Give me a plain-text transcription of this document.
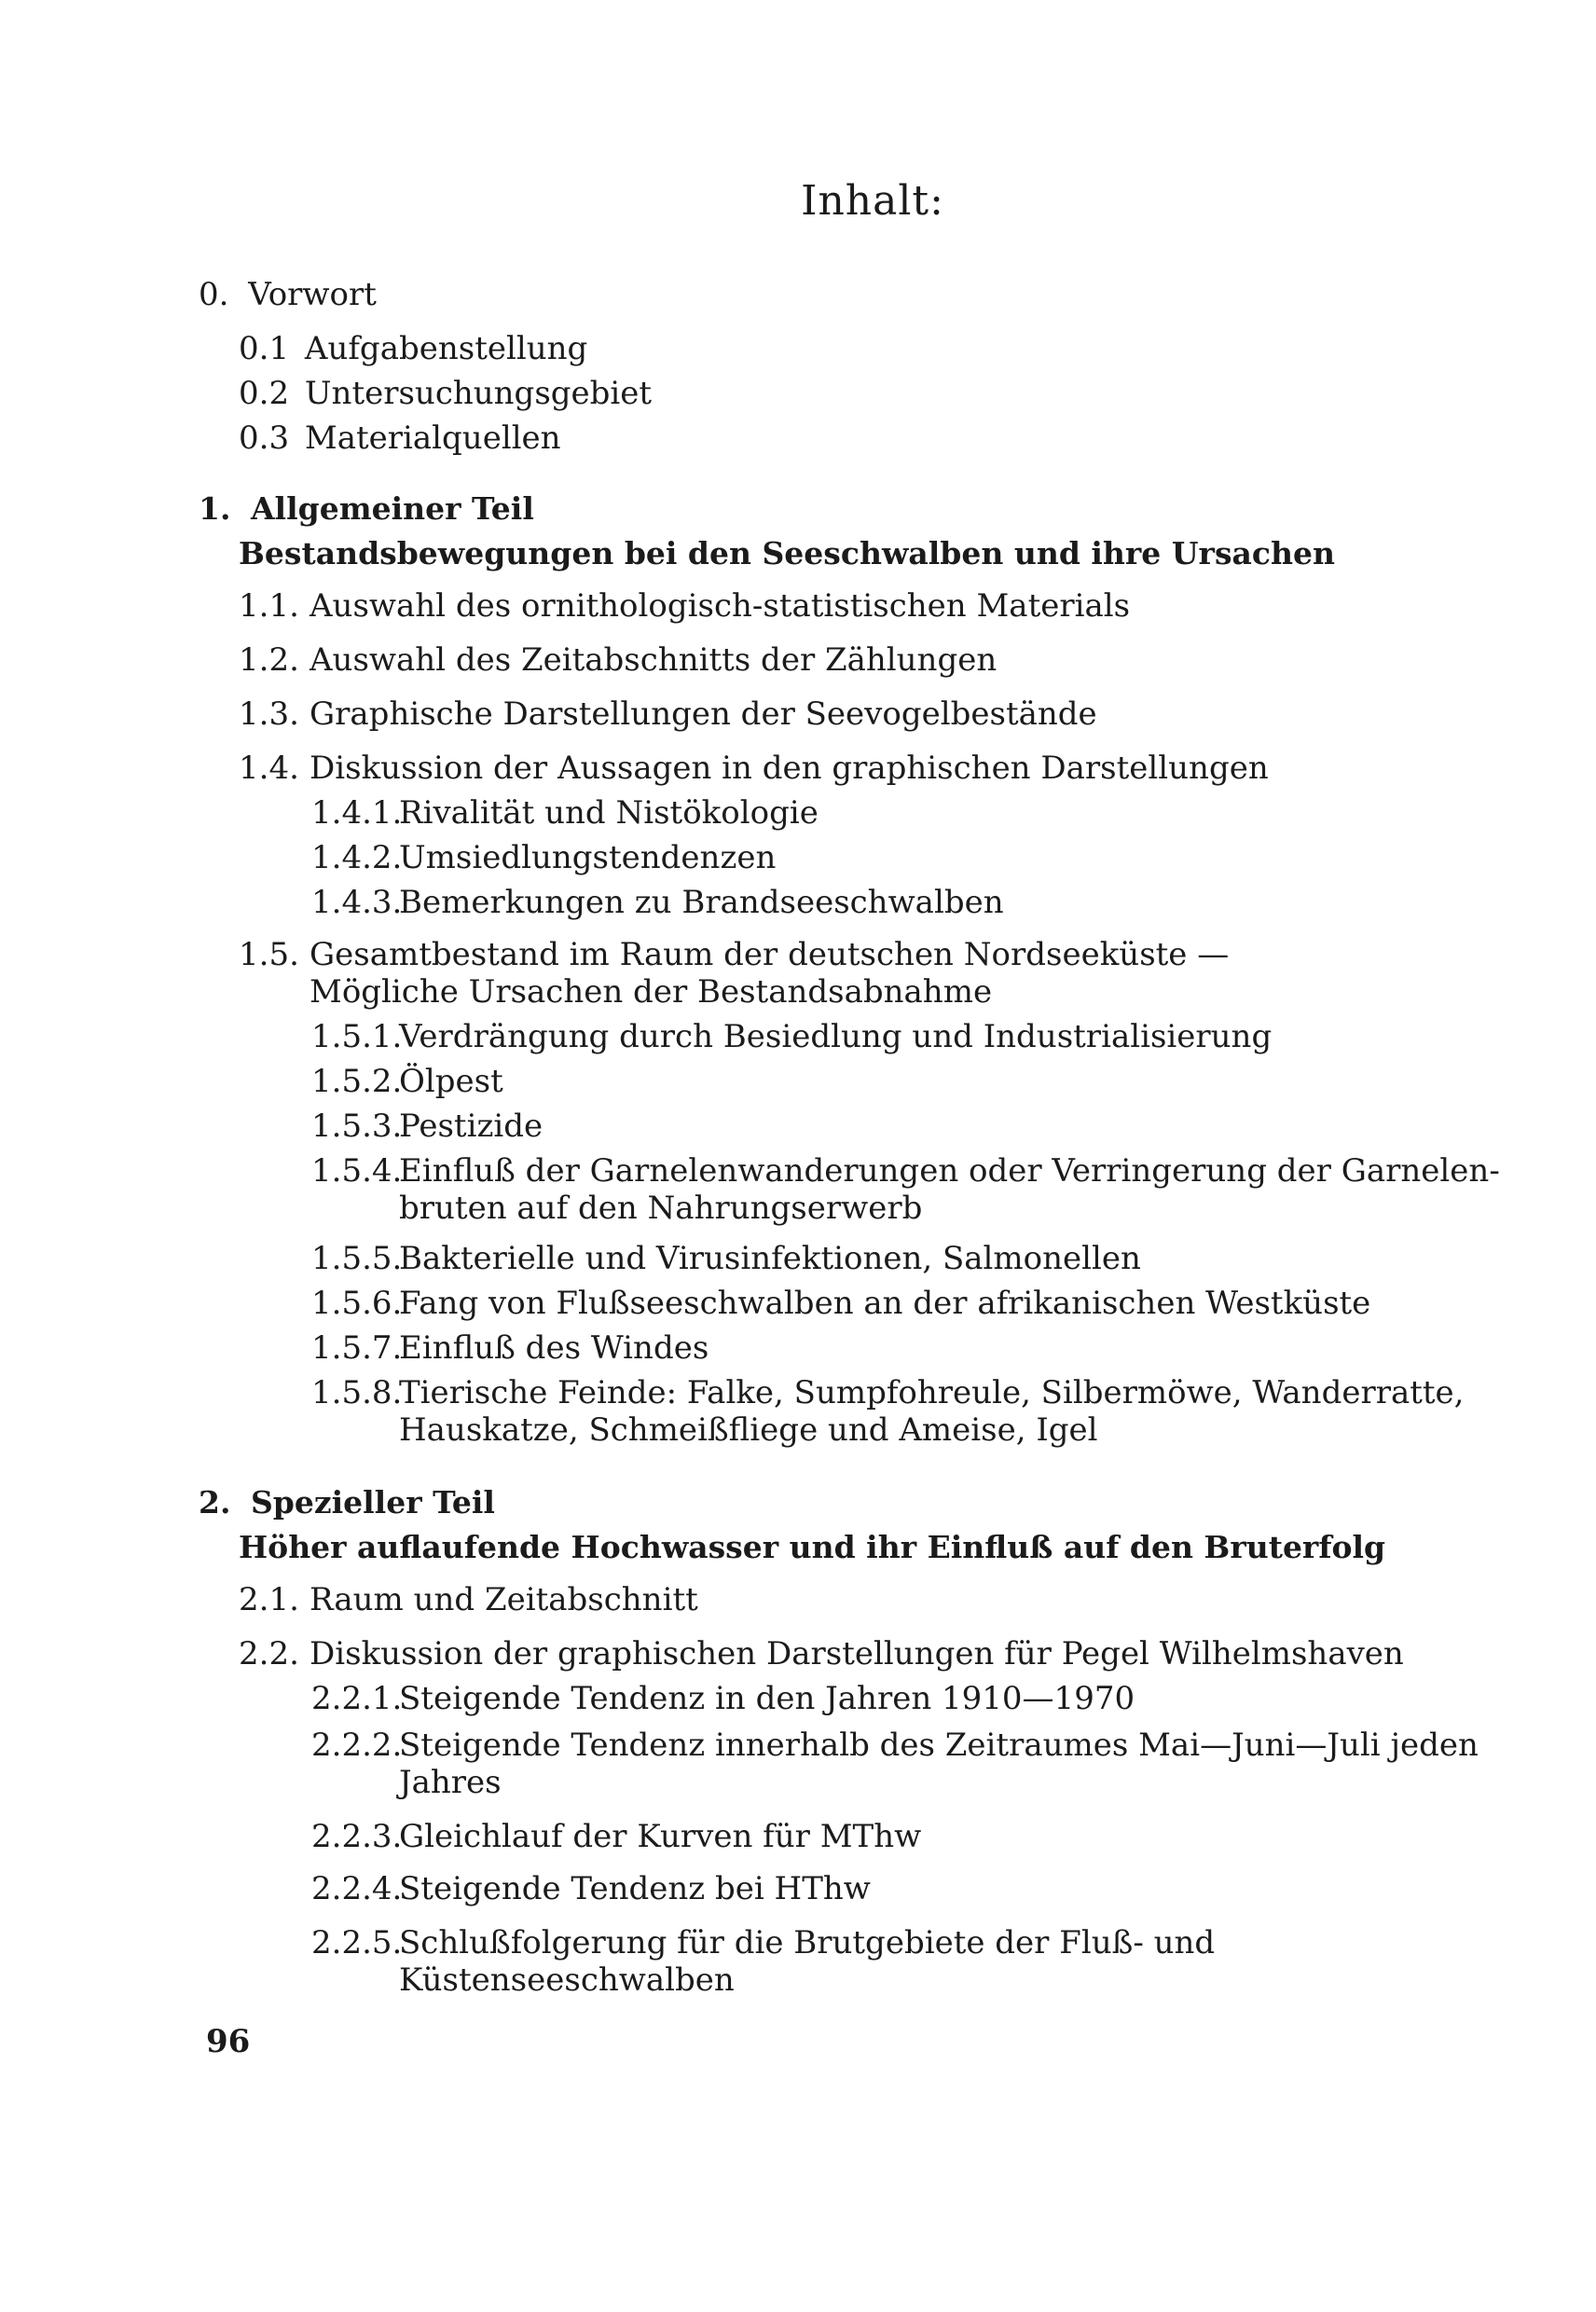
Inhalt:
0. Vorwort
0.1 Aufgabenstellung
0.2 Untersuchungsgebiet
0.3 Materialquellen
1. Allgemeiner Teil
Bestandsbewegungen bei den Seeschwalben und ihre Ursachen
1.1. Auswahl des ornithologisch-statistischen Materials
1.2. Auswahl des Zeitabschnitts der Zählungen
1.3. Graphische Darstellungen der Seevogelbestände
1.4. Diskussion der Aussagen in den graphischen Darstellungen
1.4.1.
Rivalität und Nistökologie
1.4.2.
Umsiedlungstendenzen
1.4.3.
Bemerkungen zu Brandseeschwalben
1.5. Gesamtbestand im Raum der deutschen Nordseeküste —
Mögliche Ursachen der Bestandsabnahme
1.5.1.
Verdrängung durch Besiedlung und Industrialisierung
1.5.2.
Ölpest
1.5.3.
Pestizide
1.5.4.
Einfluß der Garnelenwanderungen oder Verringerung der Garnelen-
bruten auf den Nahrungserwerb
1.5.5.
Bakterielle und Virusinfektionen, Salmonellen
1.5.6.
Fang von Flußseeschwalben an der afrikanischen Westküste
1.5.7.
Einfluß des Windes
1.5.8.
Tierische Feinde: Falke, Sumpfohreule, Silbermöwe, Wanderratte,
Hauskatze, Schmeißfliege und Ameise, Igel
2. Spezieller Teil
Höher auflaufende Hochwasser und ihr Einfluß auf den Bruterfolg
2.1. Raum und Zeitabschnitt
2.2. Diskussion der graphischen Darstellungen für Pegel Wilhelmshaven
2.2.1.
Steigende Tendenz in den Jahren 1910—1970
2.2.2.
Steigende Tendenz innerhalb des Zeitraumes Mai—Juni—Juli jeden
Jahres
2.2.3.
Gleichlauf der Kurven für MThw
2.2.4.
Steigende Tendenz bei HThw
2.2.5.
Schlußfolgerung für die Brutgebiete der Fluß- und
Küstenseeschwalben
96
